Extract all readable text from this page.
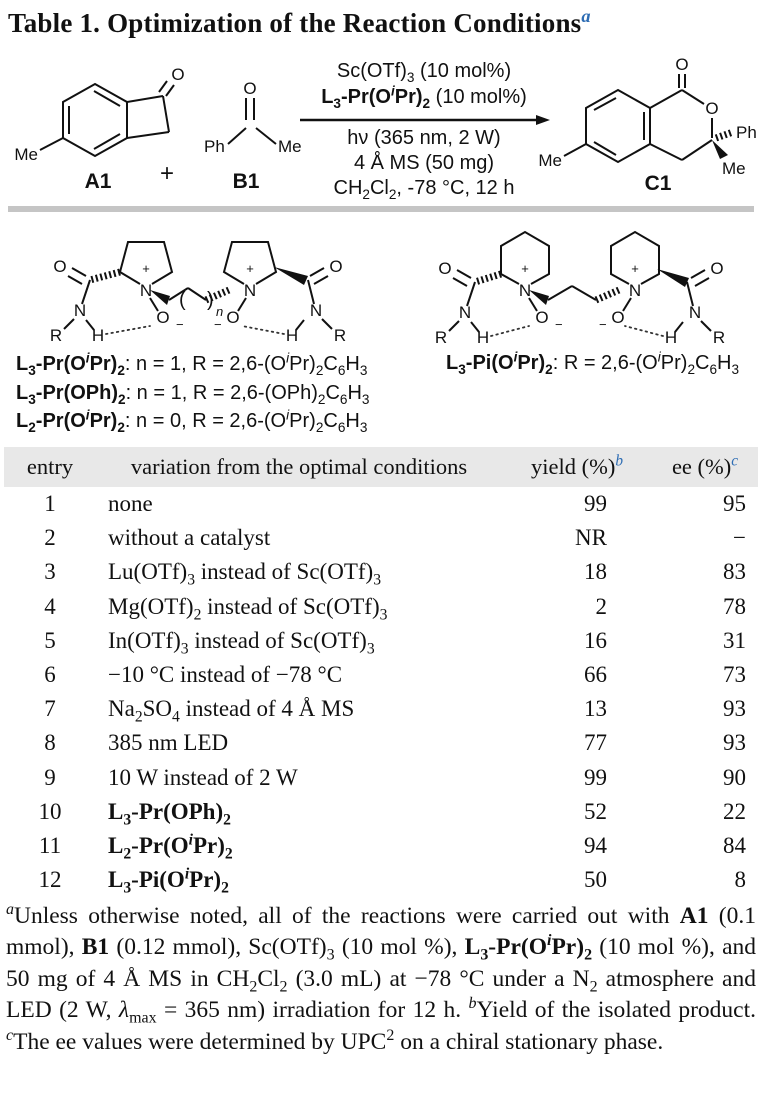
Table 1. Optimization of the Reaction Conditions$^a$
O
Me
A1 +
Ph
O
Me
B1
$Sc(OTf)_3$ (10 mol%)
$L_3-Pr(O^iPr)_2$ (10 mol%)
hν (365 nm, 2 W)
4 Å MS (50 mg)
$CH_2Cl_2$, -78 °C, 12 h
O
O
Ph
Me
Me
C1
N
+
O −
O
N
R H
( )
n
N
+
O
−
O
N
R
H
N
+
O −
O
N
R H
N
+
O
−
O
N
R
H
$L_3-Pr(O^iPr)_2$: n = 1, $R = 2,6-(O^iPr)_2C_6H_3$
$L_3-Pr(OPh)_2$: n = 1, $R = 2,6-(OPh)_2C_6H_3$
$L_2-Pr(O^iPr)_2$: n = 0, $R = 2,6-(O^iPr)_2C_6H_3$
$L_3-Pi(O^iPr)_2$: $R = 2,6-(O^iPr)_2C_6H_3$
entry	variation from the optimal conditions	yield (%)$^b$	ee (%)$^c$
1	none	99	95
2	without a catalyst	NR	−
3	$Lu(OTf)_3$ instead of $Sc(OTf)_3$	18	83
4	$Mg(OTf)_2$ instead of $Sc(OTf)_3$	2	78
5	$In(OTf)_3$ instead of $Sc(OTf)_3$	16	31
6	−10 °C instead of −78 °C	66	73
7	$Na_2SO_4$ instead of 4 Å MS	13	93
8	385 nm LED	77	93
9	10 W instead of 2 W	99	90
10	$L_3-Pr(OPh)_2$	52	22
11	$L_2-Pr(O^iPr)_2$	94	84
12	$L_3-Pi(O^iPr)_2$	50	8
$^a$Unless otherwise noted, all of the reactions were carried out with A1 (0.1 mmol), B1 (0.12 mmol), $Sc(OTf)_3$ (10 mol %), $L_3-Pr(O^iPr)_2$ (10 mol %), and 50 mg of 4 Å MS in $CH_2Cl_2$ (3.0 mL) at −78 °C under a $N_2$ atmosphere and LED (2 W, $\lambda_{max} = 365$ nm) irradiation for 12 h. $^b$Yield of the isolated product. $^c$The ee values were determined by UPC$^2$ on a chiral stationary phase.
